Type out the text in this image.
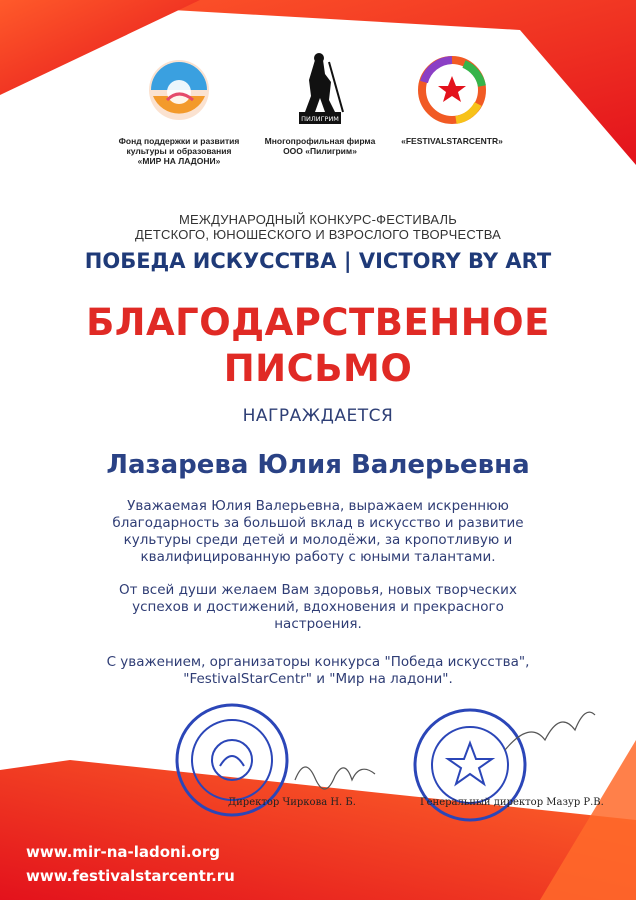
Фонд поддержки и развития
культуры и образования
«МИР НА ЛАДОНИ»
ПИЛИГРИМ
Многопрофильная фирма
ООО «Пилигрим»
«FESTIVALSTARCENTR»
МЕЖДУНАРОДНЫЙ КОНКУРС-ФЕСТИВАЛЬ
ДЕТСКОГО, ЮНОШЕСКОГО И ВЗРОСЛОГО ТВОРЧЕСТВА
ПОБЕДА ИСКУССТВА | VICTORY BY ART
БЛАГОДАРСТВЕННОЕ
ПИСЬМО
НАГРАЖДАЕТСЯ
Лазарева Юлия Валерьевна
Уважаемая Юлия Валерьевна, выражаем искреннюю
благодарность за большой вклад в искусство и развитие
культуры среди детей и молодёжи, за кропотливую и
квалифицированную работу с юными талантами.
От всей души желаем Вам здоровья, новых творческих
успехов и достижений, вдохновения и прекрасного
настроения.
С уважением, организаторы конкурса "Победа искусства",
"FestivalStarCentr" и "Мир на ладони".
Директор Чиркова Н. Б.	Генеральный директор Мазур Р.В.
www.mir-na-ladoni.org
www.festivalstarcentr.ru
